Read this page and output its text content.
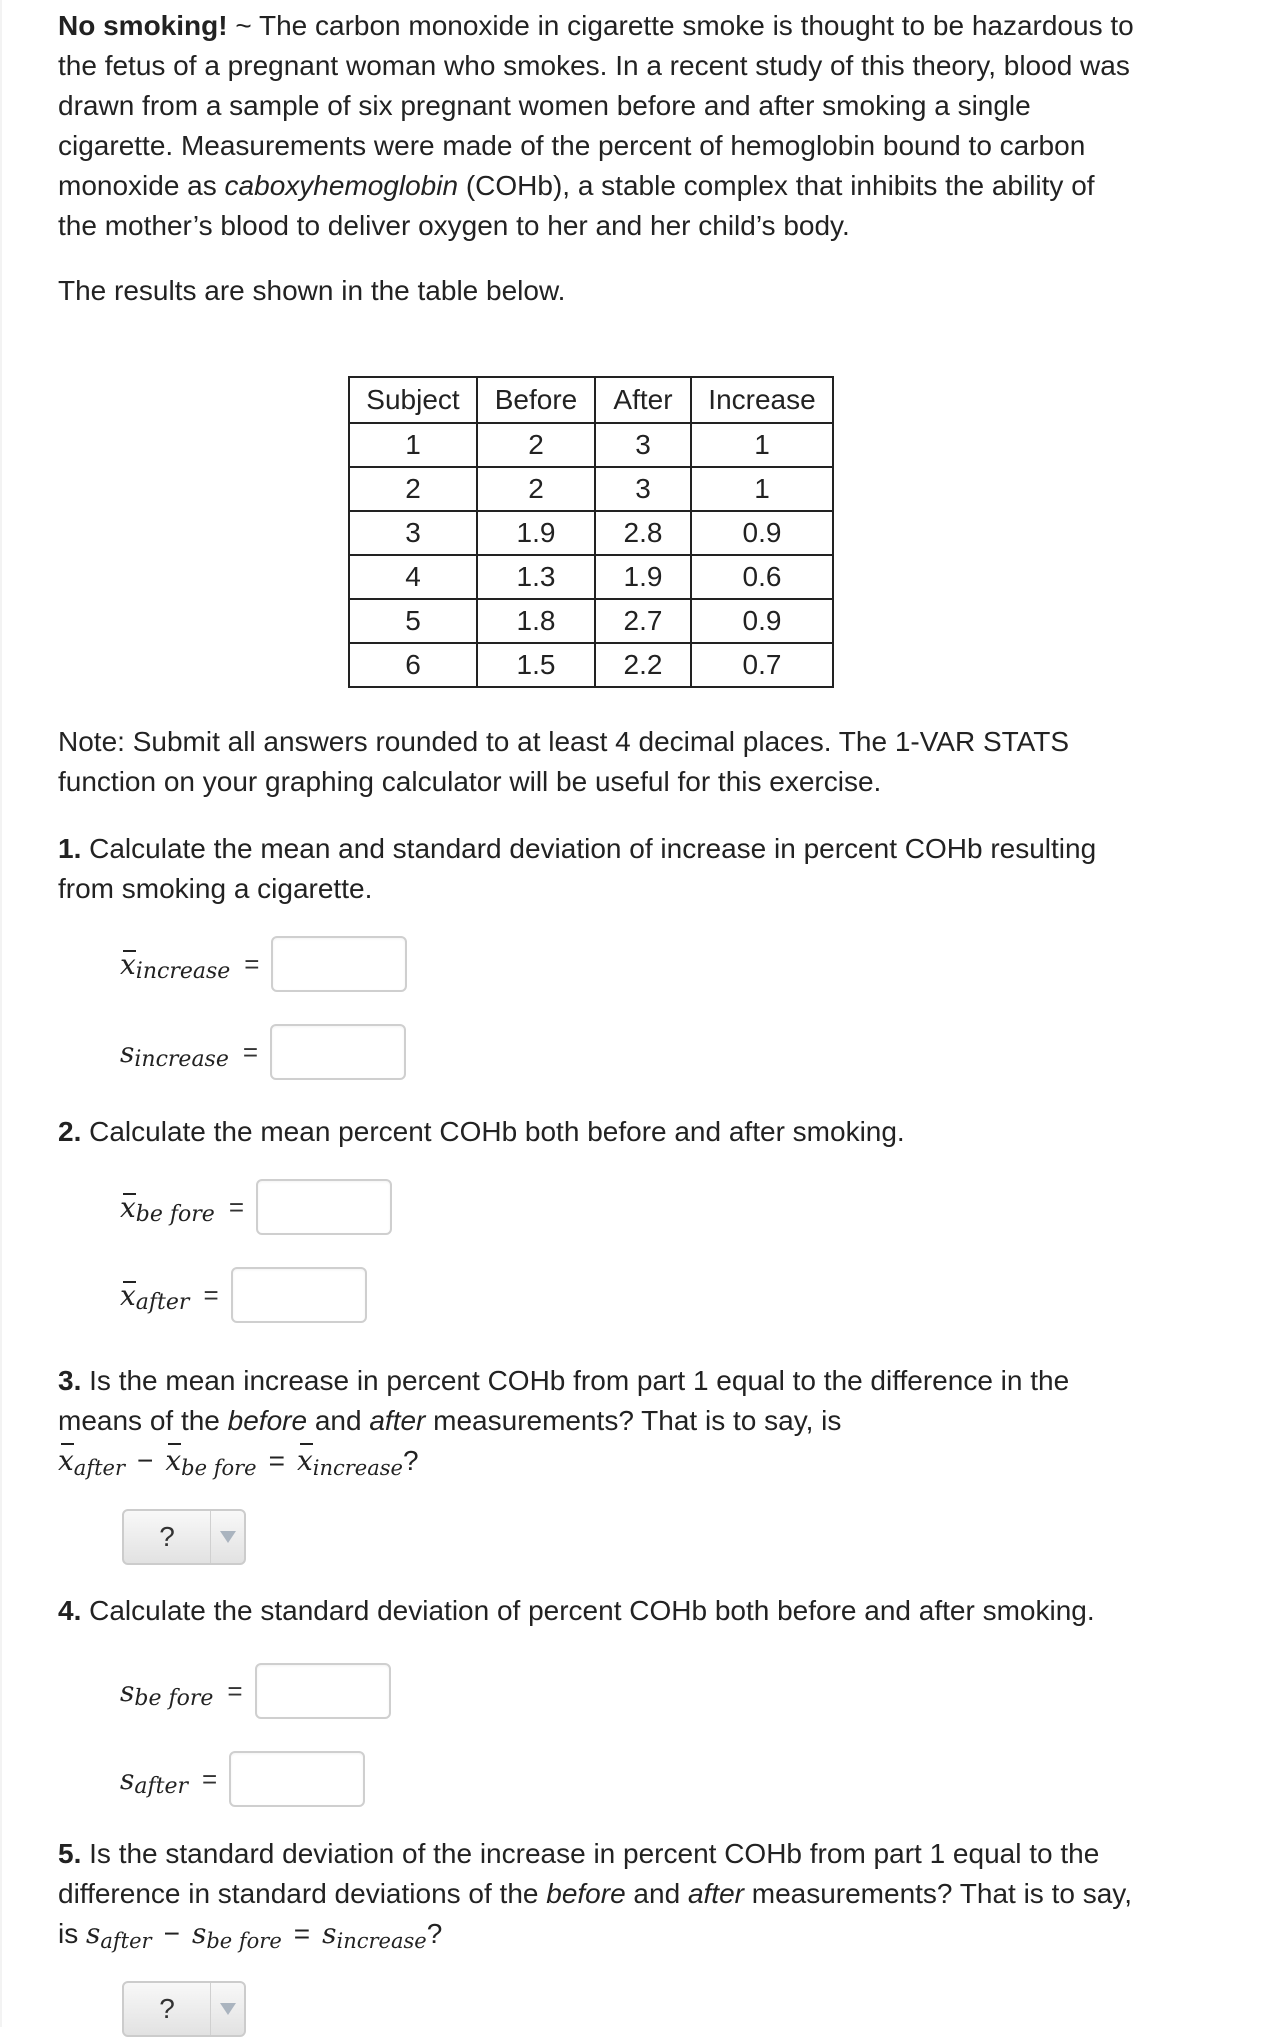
No smoking! ~ The carbon monoxide in cigarette smoke is thought to be hazardous to the fetus of a pregnant woman who smokes. In a recent study of this theory, blood was drawn from a sample of six pregnant women before and after smoking a single cigarette. Measurements were made of the percent of hemoglobin bound to carbon monoxide as caboxyhemoglobin (COHb), a stable complex that inhibits the ability of the mother’s blood to deliver oxygen to her and her child’s body.
The results are shown in the table below.
Subject	Before	After	Increase
1	2	3	1
2	2	3	1
3	1.9	2.8	0.9
4	1.3	1.9	0.6
5	1.8	2.7	0.9
6	1.5	2.2	0.7
Note: Submit all answers rounded to at least 4 decimal places. The 1-VAR STATS function on your graphing calculator will be useful for this exercise.
1. Calculate the mean and standard deviation of increase in percent COHb resulting from smoking a cigarette.
xincrease =
sincrease =
2. Calculate the mean percent COHb both before and after smoking.
xbe fore =
xafter =
3. Is the mean increase in percent COHb from part 1 equal to the difference in the means of the before and after measurements? That is to say, is
xafter − xbe fore = xincrease?
?
4. Calculate the standard deviation of percent COHb both before and after smoking.
sbe fore =
safter =
5. Is the standard deviation of the increase in percent COHb from part 1 equal to the difference in standard deviations of the before and after measurements? That is to say, is safter − sbe fore = sincrease?
?
